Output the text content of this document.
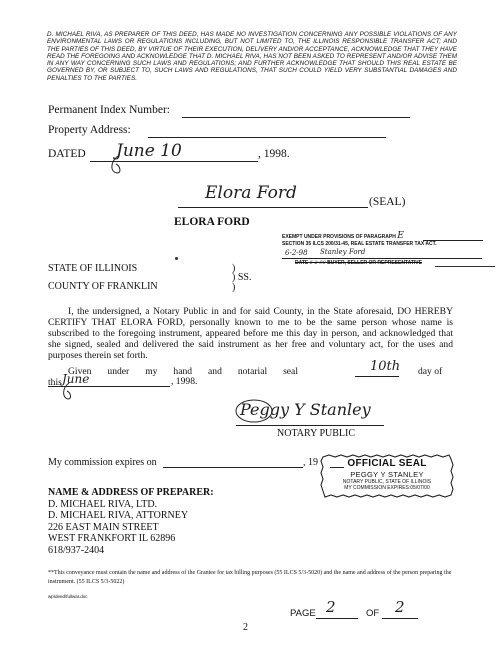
D. MICHAEL RIVA, AS PREPARER OF THIS DEED, HAS MADE NO INVESTIGATION CONCERNING ANY POSSIBLE VIOLATIONS OF ANY ENVIRONMENTAL LAWS OR REGULATIONS INCLUDING, BUT NOT LIMITED TO, THE ILLINOIS RESPONSIBLE TRANSFER ACT; AND THE PARTIES OF THIS DEED, BY VIRTUE OF THEIR EXECUTION, DELIVERY AND/OR ACCEPTANCE, ACKNOWLEDGE THAT THEY HAVE READ THE FOREGOING AND ACKNOWLEDGE THAT D. MICHAEL RIVA, HAS NOT BEEN ASKED TO REPRESENT AND/OR ADVISE THEM IN ANY WAY CONCERNING SUCH LAWS AND REGULATIONS; AND FURTHER ACKNOWLEDGE THAT SHOULD THIS REAL ESTATE BE GOVERNED BY, OR SUBJECT TO, SUCH LAWS AND REGULATIONS, THAT SUCH COULD YIELD VERY SUBSTANTIAL DAMAGES AND PENALTIES TO THE PARTIES.
Permanent Index Number:
Property Address:
DATED June 10	, 1998.
Elora Ford	(SEAL)
ELORA FORD
EXEMPT UNDER PROVISIONS OF PARAGRAPH E
SECTION 35 ILCS 200/31-45, REAL ESTATE TRANSFER TAX ACT.
6-2-98 Stanley Ford
DATE 6-2-98 BUYER, SELLER OR REPRESENTATIVE
STATE OF ILLINOIS	)
) SS.
)
COUNTY OF FRANKLIN
I, the undersigned, a Notary Public in and for said County, in the State aforesaid, DO HEREBY CERTIFY THAT ELORA FORD, personally known to me to be the same person whose name is subscribed to the foregoing instrument, appeared before me this day in person, and acknowledged that she signed, sealed and delivered the said instrument as her free and voluntary act, for the uses and purposes therein set forth.
Given under my hand and notarial seal this
10th day of
June	, 1998.
Peggy Y Stanley
NOTARY PUBLIC
My commission expires on	, 19	OFFICIAL SEAL
PEGGY Y STANLEY
NOTARY PUBLIC, STATE OF ILLINOIS
MY COMMISSION EXPIRES:05/07/00
NAME & ADDRESS OF PREPARER:
D. MICHAEL RIVA, LTD.
D. MICHAEL RIVA, ATTORNEY
226 EAST MAIN STREET
WEST FRANKFORT IL 62896
618/937-2404
**This conveyance must contain the name and address of the Grantee for tax billing purposes (55 ILCS 5/3-5020) and the name and address of the person preparing the instrument. (55 ILCS 5/3-5022)
wp\deed\fullwar.doc
PAGE 2	OF 2
2
